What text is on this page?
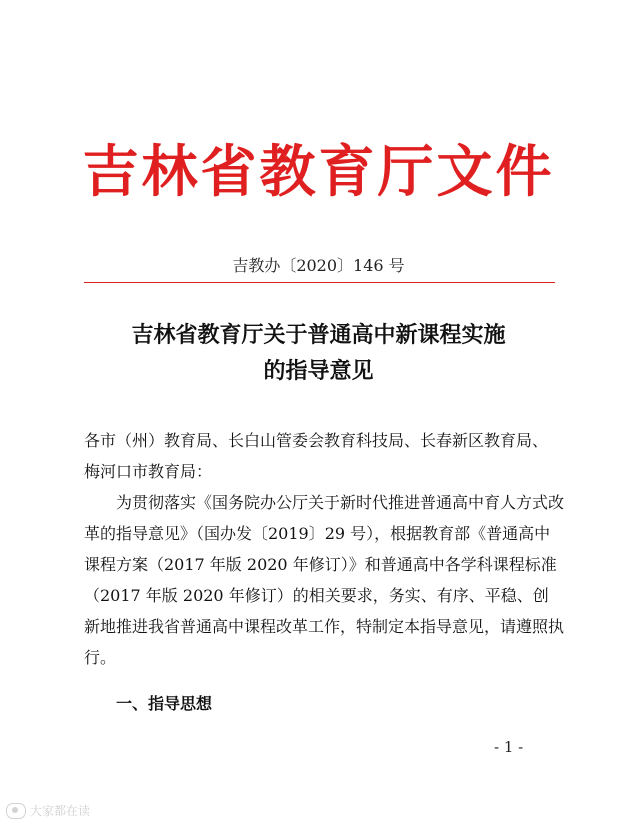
吉林省教育厅文件
吉教办〔2020〕146 号
吉林省教育厅关于普通高中新课程实施
的指导意见
各市（州）教育局、长白山管委会教育科技局、长春新区教育局、
梅河口市教育局：
为贯彻落实《国务院办公厅关于新时代推进普通高中育人方式改革的指导意见》（国办发〔2019〕29 号），根据教育部《普通高中课程方案（2017 年版 2020 年修订）》和普通高中各学科课程标准（2017 年版 2020 年修订）的相关要求，务实、有序、平稳、创新地推进我省普通高中课程改革工作，特制定本指导意见，请遵照执行。
一、指导思想
- 1 -
大家都在读
